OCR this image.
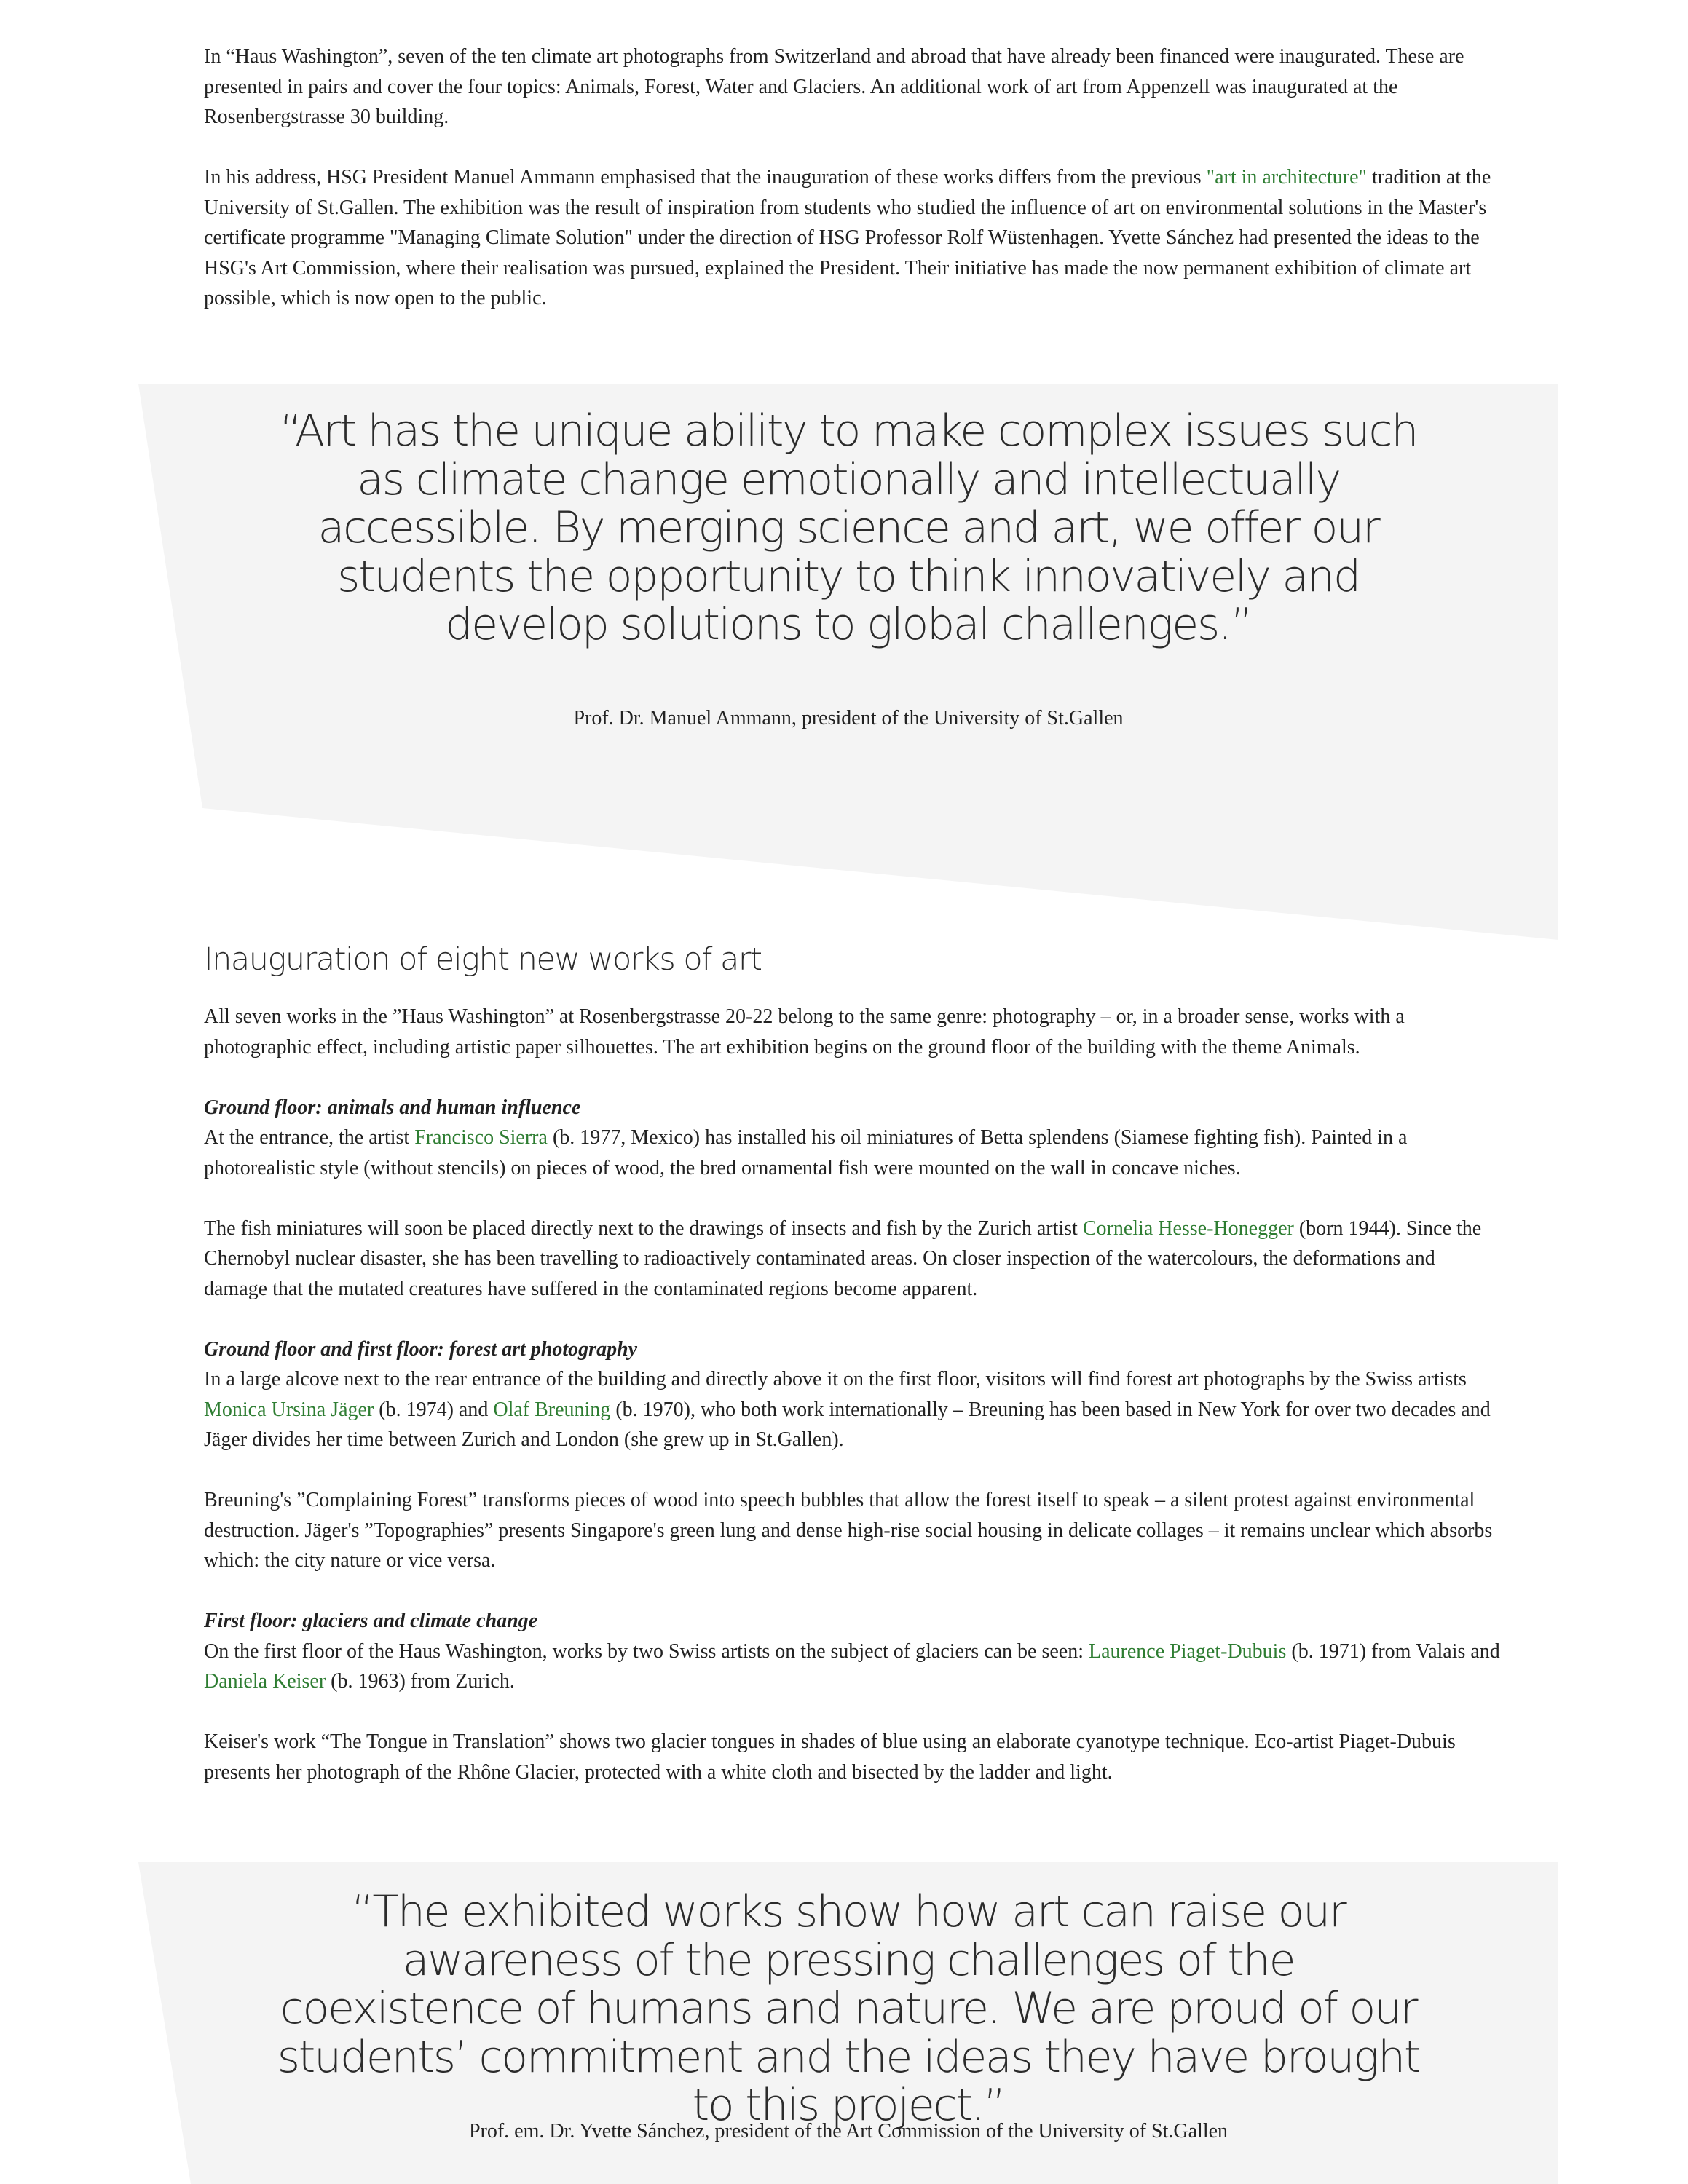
In “Haus Washington”, seven of the ten climate art photographs from Switzerland and abroad that have already been financed were inaugurated. These are presented in pairs and cover the four topics: Animals, Forest, Water and Glaciers. An additional work of art from Appenzell was inaugurated at the Rosenbergstrasse 30 building.

In his address, HSG President Manuel Ammann emphasised that the inauguration of these works differs from the previous "art in architecture" tradition at the University of St.Gallen. The exhibition was the result of inspiration from students who studied the influence of art on environmental solutions in the Master's certificate programme "Managing Climate Solution" under the direction of HSG Professor Rolf Wüstenhagen. Yvette Sánchez had presented the ideas to the HSG's Art Commission, where their realisation was pursued, explained the President. Their initiative has made the now permanent exhibition of climate art possible, which is now open to the public.

“Art has the unique ability to make complex issues such as climate change emotionally and intellectually accessible. By merging science and art, we offer our students the opportunity to think innovatively and develop solutions to global challenges.”
Prof. Dr. Manuel Ammann, president of the University of St.Gallen
Inauguration of eight new works of art

All seven works in the ”Haus Washington” at Rosenbergstrasse 20-22 belong to the same genre: photography – or, in a broader sense, works with a photographic effect, including artistic paper silhouettes. The art exhibition begins on the ground floor of the building with the theme Animals.

Ground floor: animals and human influence
At the entrance, the artist Francisco Sierra (b. 1977, Mexico) has installed his oil miniatures of Betta splendens (Siamese fighting fish). Painted in a photorealistic style (without stencils) on pieces of wood, the bred ornamental fish were mounted on the wall in concave niches.

The fish miniatures will soon be placed directly next to the drawings of insects and fish by the Zurich artist Cornelia Hesse-Honegger (born 1944). Since the Chernobyl nuclear disaster, she has been travelling to radioactively contaminated areas. On closer inspection of the watercolours, the deformations and damage that the mutated creatures have suffered in the contaminated regions become apparent.

Ground floor and first floor: forest art photography
In a large alcove next to the rear entrance of the building and directly above it on the first floor, visitors will find forest art photographs by the Swiss artists Monica Ursina Jäger (b. 1974) and Olaf Breuning (b. 1970), who both work internationally – Breuning has been based in New York for over two decades and Jäger divides her time between Zurich and London (she grew up in St.Gallen).

Breuning's ”Complaining Forest” transforms pieces of wood into speech bubbles that allow the forest itself to speak – a silent protest against environmental destruction. Jäger's ”Topographies” presents Singapore's green lung and dense high-rise social housing in delicate collages – it remains unclear which absorbs which: the city nature or vice versa.

First floor: glaciers and climate change
On the first floor of the Haus Washington, works by two Swiss artists on the subject of glaciers can be seen: Laurence Piaget-Dubuis (b. 1971) from Valais and Daniela Keiser (b. 1963) from Zurich.

Keiser's work “The Tongue in Translation” shows two glacier tongues in shades of blue using an elaborate cyanotype technique. Eco-artist Piaget-Dubuis presents her photograph of the Rhône Glacier, protected with a white cloth and bisected by the ladder and light.

“The exhibited works show how art can raise our awareness of the pressing challenges of the coexistence of humans and nature. We are proud of our students’ commitment and the ideas they have brought to this project.”
Prof. em. Dr. Yvette Sánchez, president of the Art Commission of the University of St.Gallen
